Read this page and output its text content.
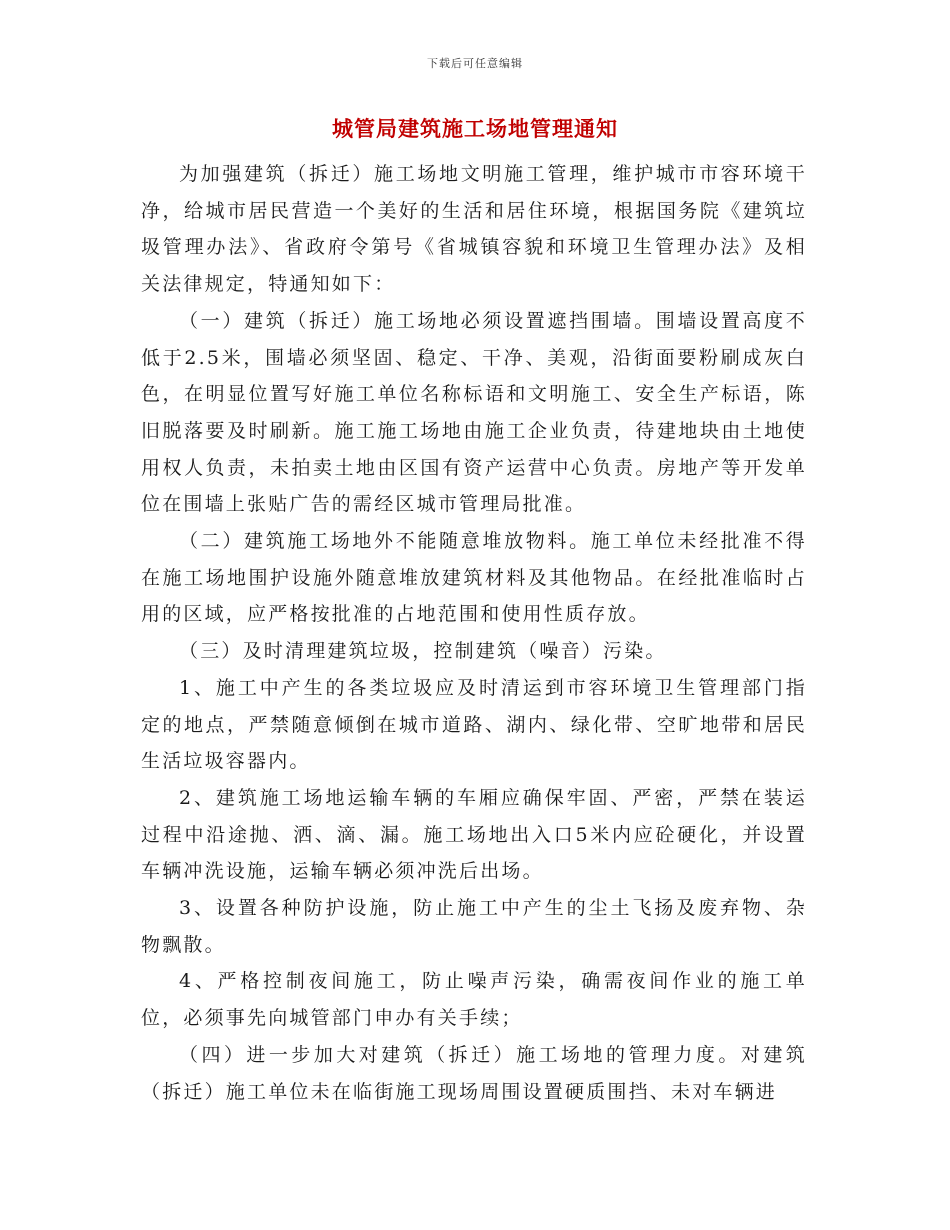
下载后可任意编辑
城管局建筑施工场地管理通知

为加强建筑（拆迁）施工场地文明施工管理，维护城市市容环境干净，给城市居民营造一个美好的生活和居住环境，根据国务院《建筑垃圾管理办法》、省政府令第号《省城镇容貌和环境卫生管理办法》及相关法律规定，特通知如下：

（一）建筑（拆迁）施工场地必须设置遮挡围墙。围墙设置高度不低于2.5米，围墙必须坚固、稳定、干净、美观，沿街面要粉刷成灰白色，在明显位置写好施工单位名称标语和文明施工、安全生产标语，陈旧脱落要及时刷新。施工施工场地由施工企业负责，待建地块由土地使用权人负责，未拍卖土地由区国有资产运营中心负责。房地产等开发单位在围墙上张贴广告的需经区城市管理局批准。

（二）建筑施工场地外不能随意堆放物料。施工单位未经批准不得在施工场地围护设施外随意堆放建筑材料及其他物品。在经批准临时占用的区域，应严格按批准的占地范围和使用性质存放。

（三）及时清理建筑垃圾，控制建筑（噪音）污染。

1、施工中产生的各类垃圾应及时清运到市容环境卫生管理部门指定的地点，严禁随意倾倒在城市道路、湖内、绿化带、空旷地带和居民生活垃圾容器内。

2、建筑施工场地运输车辆的车厢应确保牢固、严密，严禁在装运过程中沿途抛、洒、滴、漏。施工场地出入口5米内应砼硬化，并设置车辆冲洗设施，运输车辆必须冲洗后出场。

3、设置各种防护设施，防止施工中产生的尘土飞扬及废弃物、杂物飘散。

4、严格控制夜间施工，防止噪声污染，确需夜间作业的施工单位，必须事先向城管部门申办有关手续；

（四）进一步加大对建筑（拆迁）施工场地的管理力度。对建筑（拆迁）施工单位未在临街施工现场周围设置硬质围挡、未对车辆进
